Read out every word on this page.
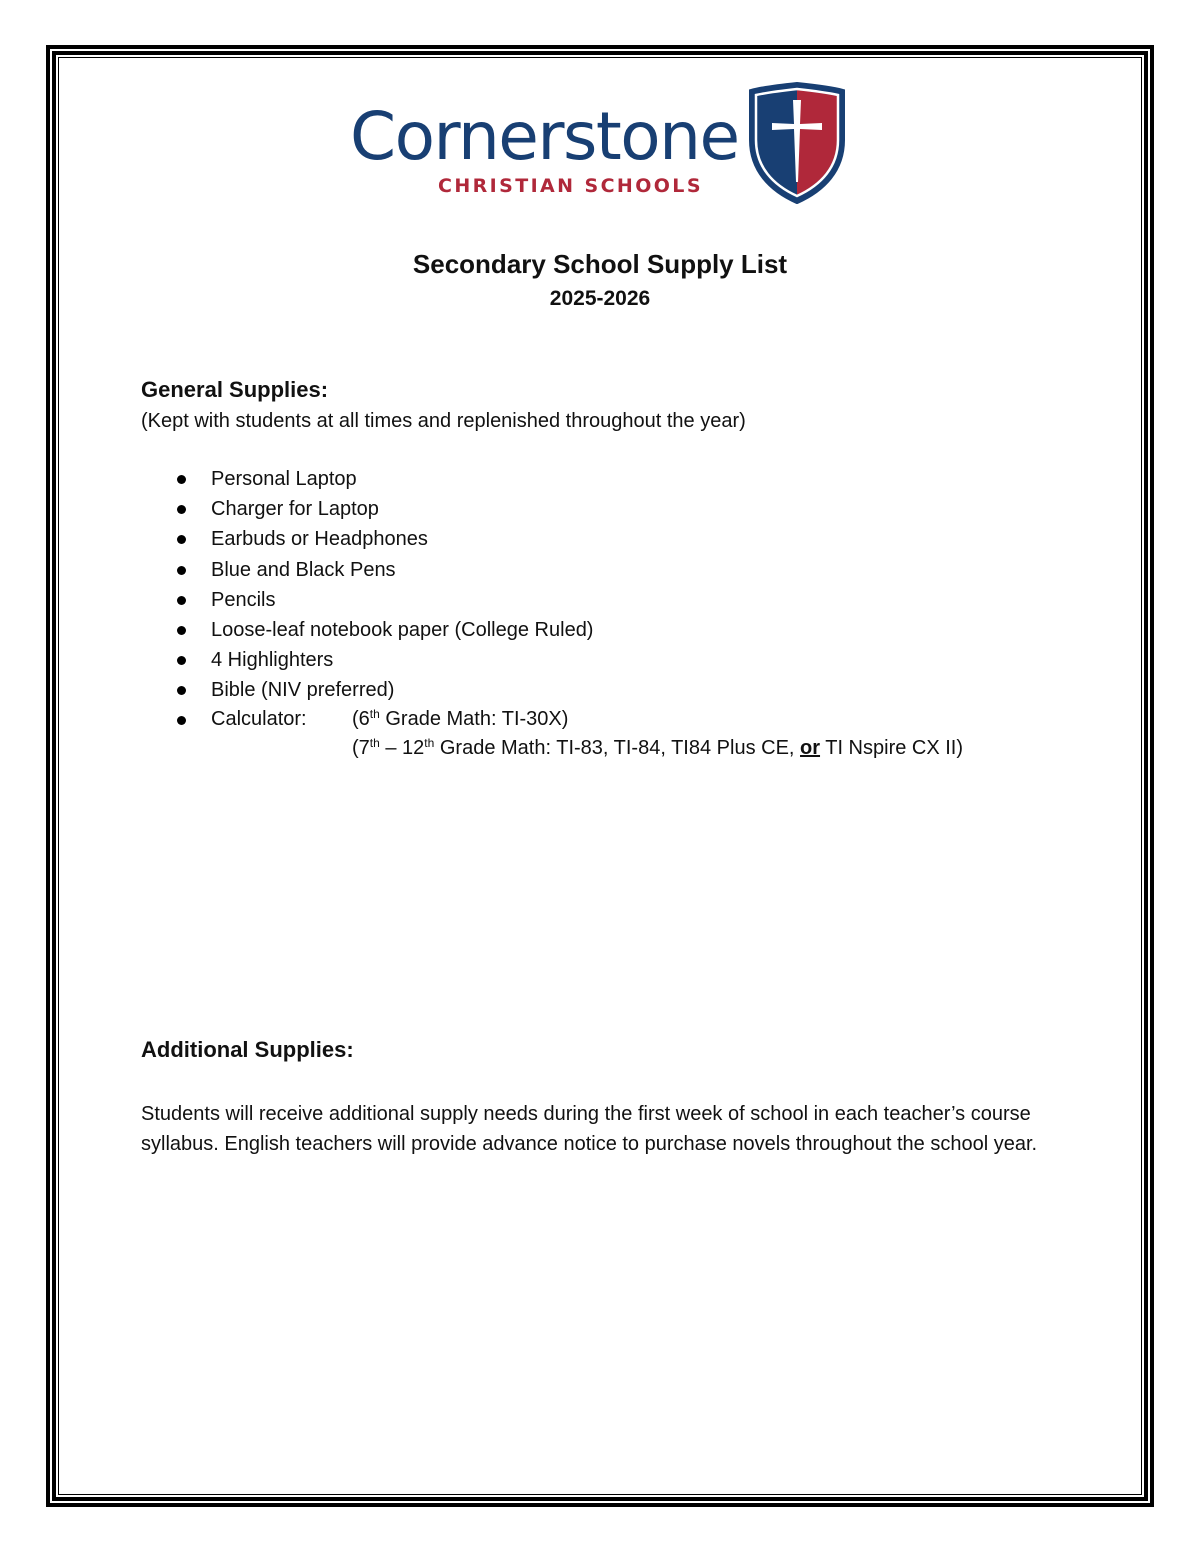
Cornerstone
CHRISTIAN SCHOOLS
Secondary School Supply List
2025-2026
General Supplies:
(Kept with students at all times and replenished throughout the year)
Personal Laptop
Charger for Laptop
Earbuds or Headphones
Blue and Black Pens
Pencils
Loose-leaf notebook paper (College Ruled)
4 Highlighters
Bible (NIV preferred)
Calculator: (6th Grade Math: TI-30X)
(7th – 12th Grade Math: TI-83, TI-84, TI84 Plus CE, or TI Nspire CX II)
Additional Supplies:
Students will receive additional supply needs during the first week of school in each teacher’s course syllabus. English teachers will provide advance notice to purchase novels throughout the school year.
